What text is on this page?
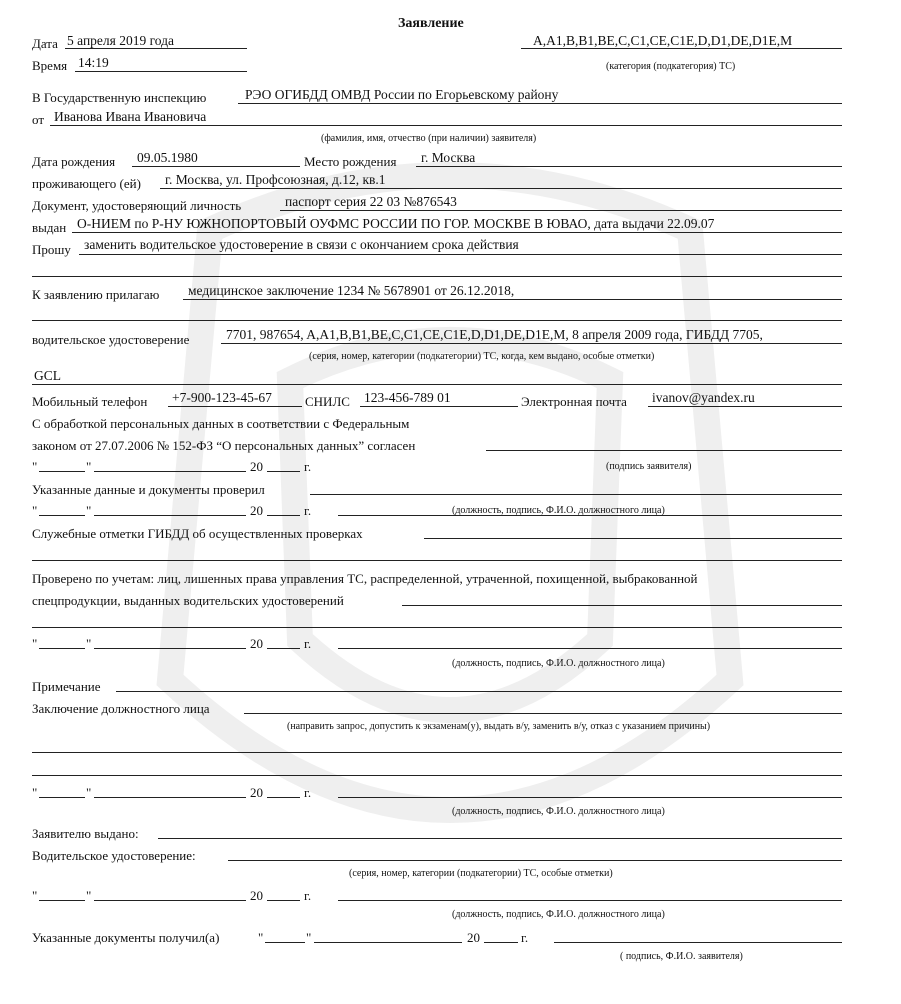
Заявление
Дата 5 апреля 2019 года	A,A1,B,B1,BE,C,C1,CE,C1E,D,D1,DE,D1E,M
Время 14:19	(категория (подкатегория) ТС)
В Государственную инспекцию	РЭО ОГИБДД ОМВД России по Егорьевскому району
от Иванова Ивана Ивановича
(фамилия, имя, отчество (при наличии) заявителя)
Дата рождения 09.05.1980	Место рождения г. Москва
проживающего (ей) г. Москва, ул. Профсоюзная, д.12, кв.1
Документ, удостоверяющий личность	паспорт серия 22 03 №876543
выдан О-НИЕМ по Р-НУ ЮЖНОПОРТОВЫЙ ОУФМС РОССИИ ПО ГОР. МОСКВЕ В ЮВАО, дата выдачи 22.09.07
Прошу заменить водительское удостоверение в связи с окончанием срока действия
К заявлению прилагаю медицинское заключение 1234 № 5678901 от 26.12.2018,
водительское удостоверение	7701, 987654, A,A1,B,B1,BE,C,C1,CE,C1E,D,D1,DE,D1E,M, 8 апреля 2009 года, ГИБДД 7705,
(серия, номер, категории (подкатегории) ТС, когда, кем выдано, особые отметки)
GCL
Мобильный телефон +7-900-123-45-67	СНИЛС 123-456-789 01	Электронная почта ivanov@yandex.ru
С обработкой персональных данных в соответствии с Федеральным
законом от 27.07.2006 № 152-ФЗ “О персональных данных” согласен
"	"	20	г.	(подпись заявителя)
Указанные данные и документы проверил
"	"	20	г.	(должность, подпись, Ф.И.О. должностного лица)
Служебные отметки ГИБДД об осуществленных проверках
Проверено по учетам: лиц, лишенных права управления ТС, распределенной, утраченной, похищенной, выбракованной
спецпродукции, выданных водительских удостоверений
"	"	20	г.
(должность, подпись, Ф.И.О. должностного лица)
Примечание
Заключение должностного лица
(направить запрос, допустить к экзаменам(у), выдать в/у, заменить в/у, отказ с указанием причины)
"	"	20	г.
(должность, подпись, Ф.И.О. должностного лица)
Заявителю выдано:
Водительское удостоверение:
(серия, номер, категории (подкатегории) ТС, особые отметки)
"	"	20	г.
(должность, подпись, Ф.И.О. должностного лица)
Указанные документы получил(а)	"	"	20	г.
( подпись, Ф.И.О. заявителя)
